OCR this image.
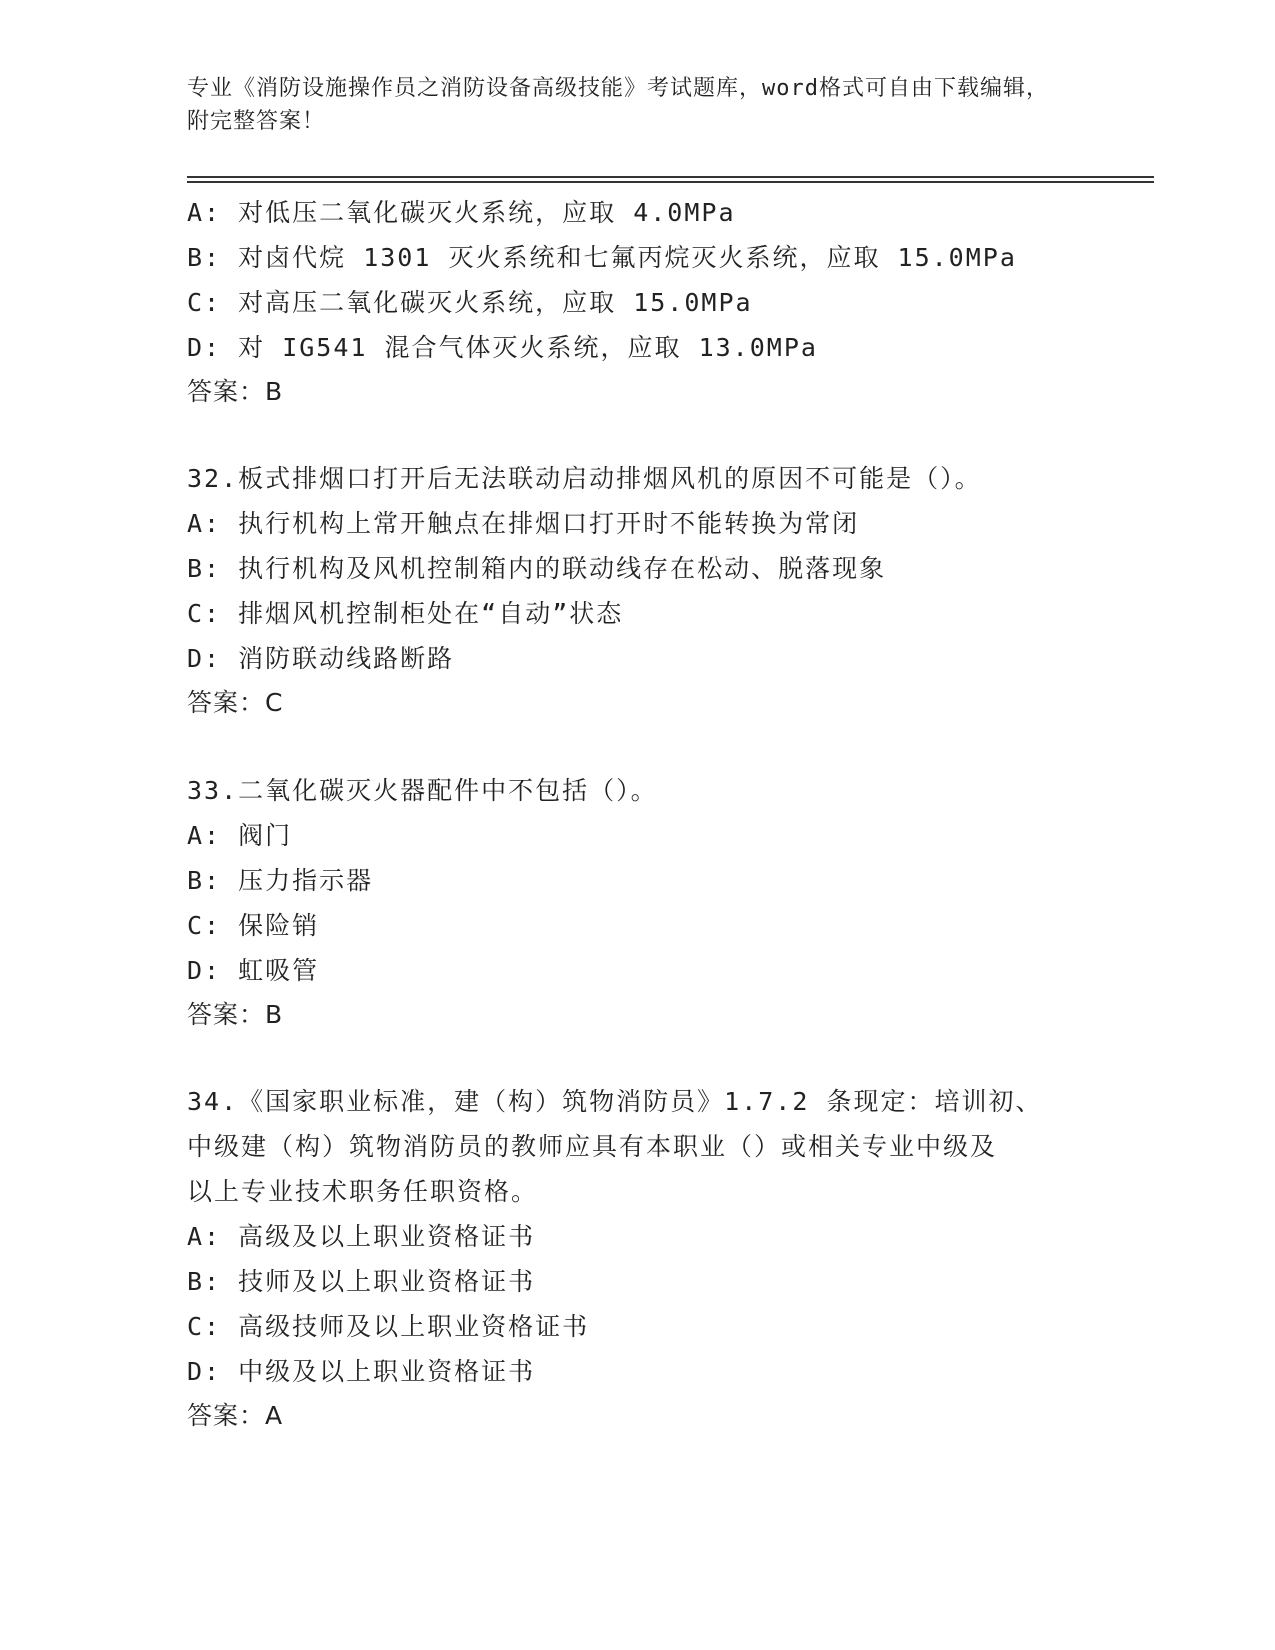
专业《消防设施操作员之消防设备高级技能》考试题库，word格式可自由下载编辑，附完整答案！
A: 对低压二氧化碳灭火系统，应取 4.0MPa
B: 对卤代烷 1301 灭火系统和七氟丙烷灭火系统，应取 15.0MPa
C: 对高压二氧化碳灭火系统，应取 15.0MPa
D: 对 IG541 混合气体灭火系统，应取 13.0MPa
答案：B
32.板式排烟口打开后无法联动启动排烟风机的原因不可能是（）。
A: 执行机构上常开触点在排烟口打开时不能转换为常闭
B: 执行机构及风机控制箱内的联动线存在松动、脱落现象
C: 排烟风机控制柜处在“自动”状态
D: 消防联动线路断路
答案：C
33.二氧化碳灭火器配件中不包括（）。
A: 阀门
B: 压力指示器
C: 保险销
D: 虹吸管
答案：B
34.《国家职业标准，建（构）筑物消防员》1.7.2 条现定：培训初、
中级建（构）筑物消防员的教师应具有本职业（）或相关专业中级及
以上专业技术职务任职资格。
A: 高级及以上职业资格证书
B: 技师及以上职业资格证书
C: 高级技师及以上职业资格证书
D: 中级及以上职业资格证书
答案：A
